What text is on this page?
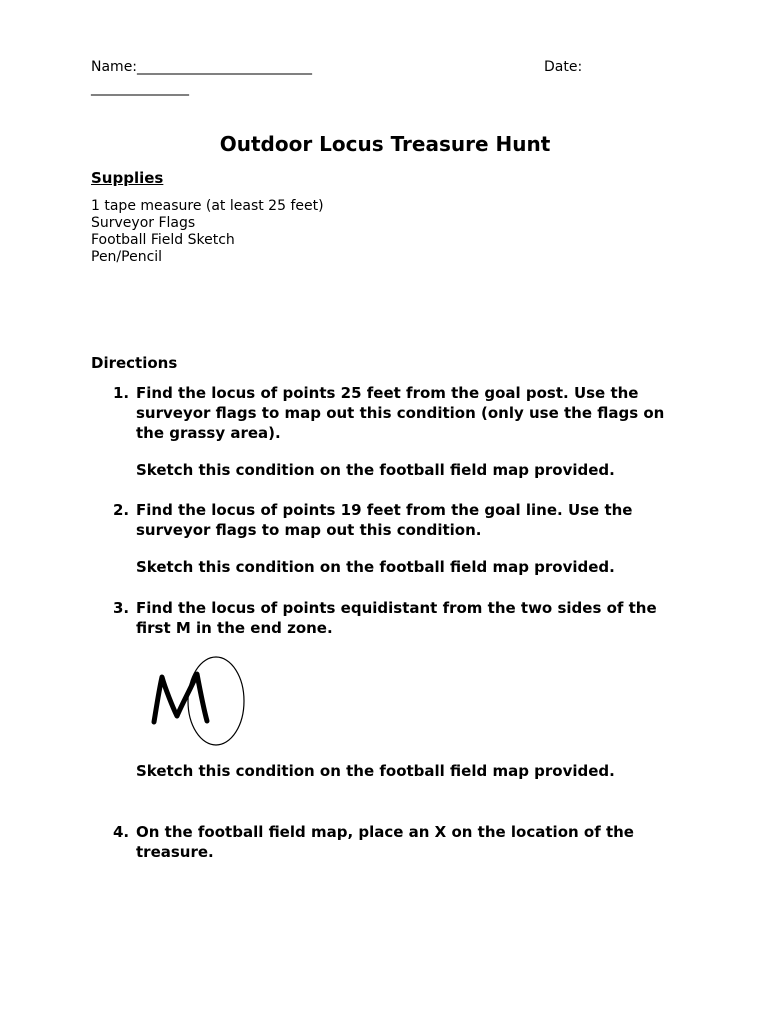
Name:_________________________	Date:
______________
Outdoor Locus Treasure Hunt
Supplies
1 tape measure (at least 25 feet)
Surveyor Flags
Football Field Sketch
Pen/Pencil
Directions
1. Find the locus of points 25 feet from the goal post. Use the surveyor flags to map out this condition (only use the flags on the grassy area).
Sketch this condition on the football field map provided.
2. Find the locus of points 19 feet from the goal line. Use the surveyor flags to map out this condition.
Sketch this condition on the football field map provided.
3. Find the locus of points equidistant from the two sides of the first M in the end zone.
Sketch this condition on the football field map provided.
4. On the football field map, place an X on the location of the treasure.
